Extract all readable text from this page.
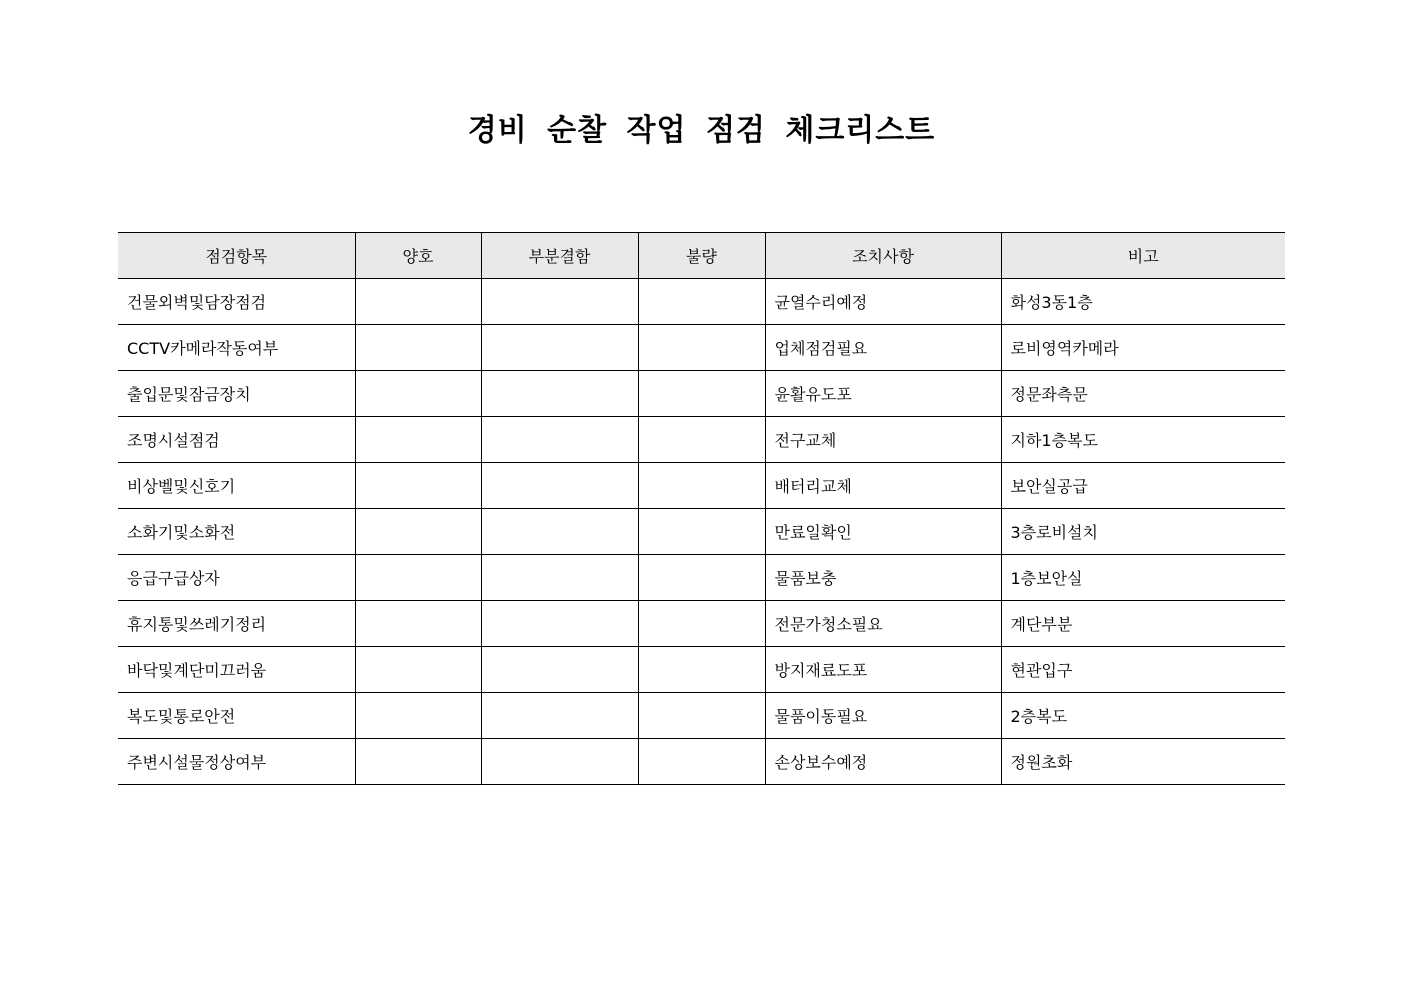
경비 순찰 작업 점검 체크리스트
점검항목	양호	부분결함	불량	조치사항	비고
건물외벽및담장점검				균열수리예정	화성3동1층
CCTV카메라작동여부				업체점검필요	로비영역카메라
출입문및잠금장치				윤활유도포	정문좌측문
조명시설점검				전구교체	지하1층복도
비상벨및신호기				배터리교체	보안실공급
소화기및소화전				만료일확인	3층로비설치
응급구급상자				물품보충	1층보안실
휴지통및쓰레기정리				전문가청소필요	계단부분
바닥및계단미끄러움				방지재료도포	현관입구
복도및통로안전				물품이동필요	2층복도
주변시설물정상여부				손상보수예정	정원초화
